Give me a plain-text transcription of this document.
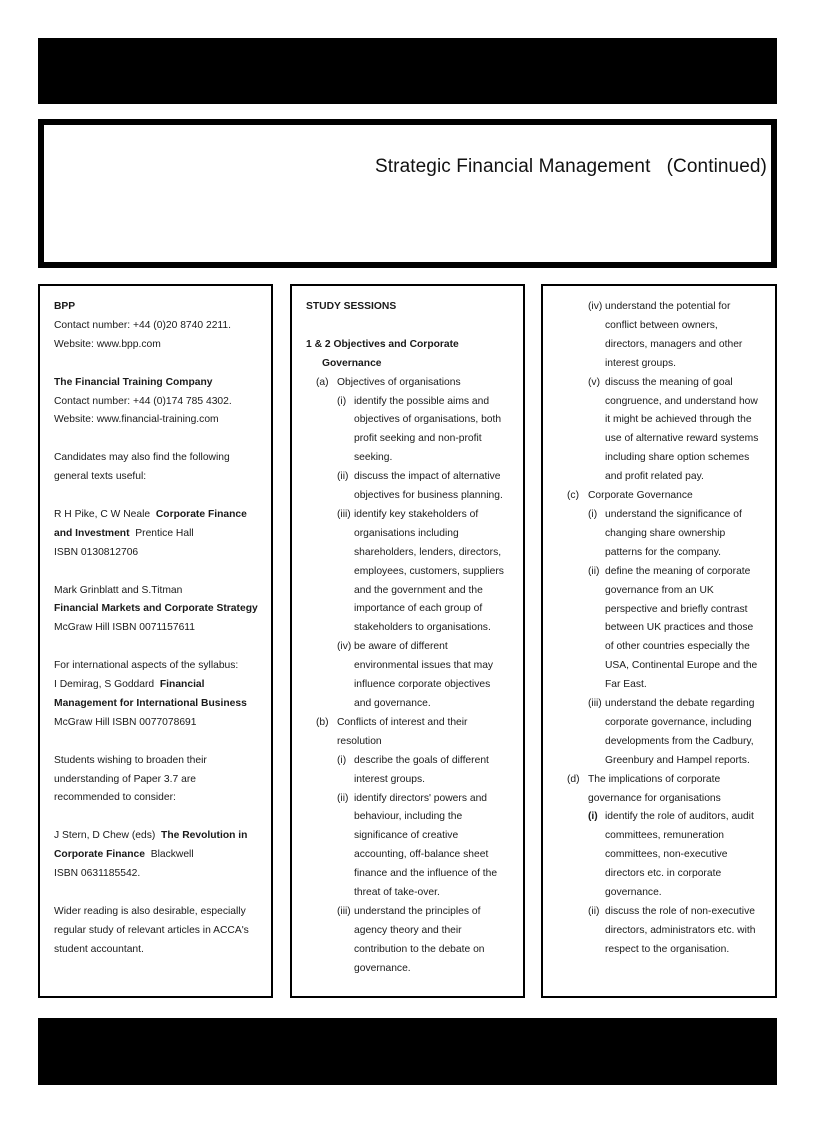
Strategic Financial Management   (Continued)

BPP

Contact number: +44 (0)20 8740 2211.

Website: www.bpp.com

The Financial Training Company

Contact number: +44 (0)174 785 4302.

Website: www.financial-training.com

Candidates may also find the following

general texts useful:

R H Pike, C W Neale Corporate Finance

and Investment Prentice Hall

ISBN 0130812706

Mark Grinblatt and S.Titman

Financial Markets and Corporate Strategy

McGraw Hill ISBN 0071157611

For international aspects of the syllabus:

I Demirag, S Goddard Financial

Management for International Business

McGraw Hill ISBN 0077078691

Students wishing to broaden their

understanding of Paper 3.7 are

recommended to consider:

J Stern, D Chew (eds) The Revolution in

Corporate Finance Blackwell

ISBN 0631185542.

Wider reading is also desirable, especially

regular study of relevant articles in ACCA's

student accountant.

STUDY SESSIONS

1 & 2 Objectives and Corporate

Governance

(a) Objectives of organisations
(i) identify the possible aims and
objectives of organisations, both
profit seeking and non-profit
seeking.
(ii) discuss the impact of alternative
objectives for business planning.
(iii) identify key stakeholders of
organisations including
shareholders, lenders, directors,
employees, customers, suppliers
and the government and the
importance of each group of
stakeholders to organisations.
(iv) be aware of different
environmental issues that may
influence corporate objectives
and governance.
(b) Conflicts of interest and their
resolution
(i) describe the goals of different
interest groups.
(ii) identify directors' powers and
behaviour, including the
significance of creative
accounting, off-balance sheet
finance and the influence of the
threat of take-over.
(iii) understand the principles of
agency theory and their
contribution to the debate on
governance.
(iv) understand the potential for
conflict between owners,
directors, managers and other
interest groups.
(v) discuss the meaning of goal
congruence, and understand how
it might be achieved through the
use of alternative reward systems
including share option schemes
and profit related pay.
(c) Corporate Governance
(i) understand the significance of
changing share ownership
patterns for the company.
(ii) define the meaning of corporate
governance from an UK
perspective and briefly contrast
between UK practices and those
of other countries especially the
USA, Continental Europe and the
Far East.
(iii) understand the debate regarding
corporate governance, including
developments from the Cadbury,
Greenbury and Hampel reports.
(d) The implications of corporate
governance for organisations
(i) identify the role of auditors, audit
committees, remuneration
committees, non-executive
directors etc. in corporate
governance.
(ii) discuss the role of non-executive
directors, administrators etc. with
respect to the organisation.
